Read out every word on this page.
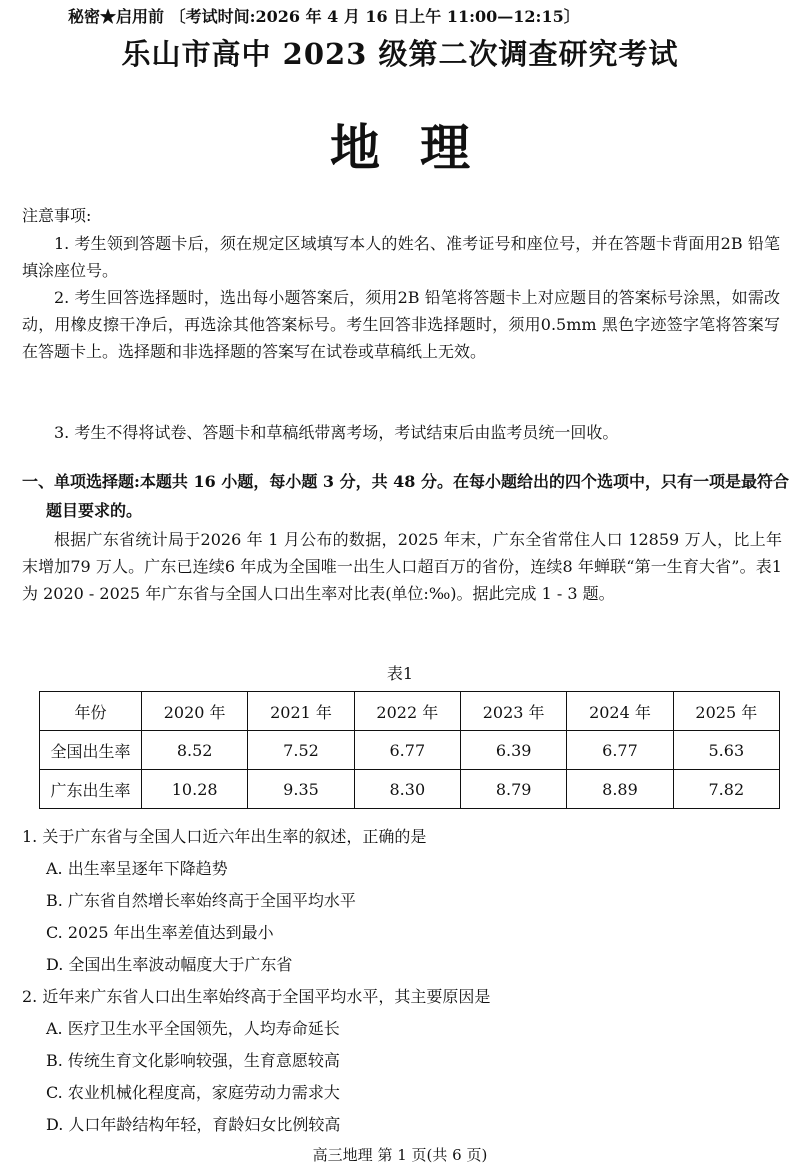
秘密★启用前 〔考试时间:2026 年 4 月 16 日上午 11:00—12:15〕
乐山市高中 2023 级第二次调查研究考试
地理
注意事项:
1. 考生领到答题卡后，须在规定区域填写本人的姓名、准考证号和座位号，并在答题卡背面用2B 铅笔填涂座位号。
2. 考生回答选择题时，选出每小题答案后，须用2B 铅笔将答题卡上对应题目的答案标号涂黑，如需改动，用橡皮擦干净后，再选涂其他答案标号。考生回答非选择题时，须用0.5mm 黑色字迹签字笔将答案写在答题卡上。选择题和非选择题的答案写在试卷或草稿纸上无效。
3. 考生不得将试卷、答题卡和草稿纸带离考场，考试结束后由监考员统一回收。
一、单项选择题:本题共 16 小题，每小题 3 分，共 48 分。在每小题给出的四个选项中，只有一项是最符合题目要求的。
根据广东省统计局于2026 年 1 月公布的数据，2025 年末，广东全省常住人口 12859 万人，比上年末增加79 万人。广东已连续6 年成为全国唯一出生人口超百万的省份，连续8 年蝉联“第一生育大省”。表1 为 2020 - 2025 年广东省与全国人口出生率对比表(单位:‰)。据此完成 1 - 3 题。
表1
年份	2020 年	2021 年	2022 年	2023 年	2024 年	2025 年
全国出生率	8.52	7.52	6.77	6.39	6.77	5.63
广东出生率	10.28	9.35	8.30	8.79	8.89	7.82
1. 关于广东省与全国人口近六年出生率的叙述，正确的是
A. 出生率呈逐年下降趋势
B. 广东省自然增长率始终高于全国平均水平
C. 2025 年出生率差值达到最小
D. 全国出生率波动幅度大于广东省
2. 近年来广东省人口出生率始终高于全国平均水平，其主要原因是
A. 医疗卫生水平全国领先，人均寿命延长
B. 传统生育文化影响较强，生育意愿较高
C. 农业机械化程度高，家庭劳动力需求大
D. 人口年龄结构年轻，育龄妇女比例较高
高三地理 第 1 页(共 6 页)
